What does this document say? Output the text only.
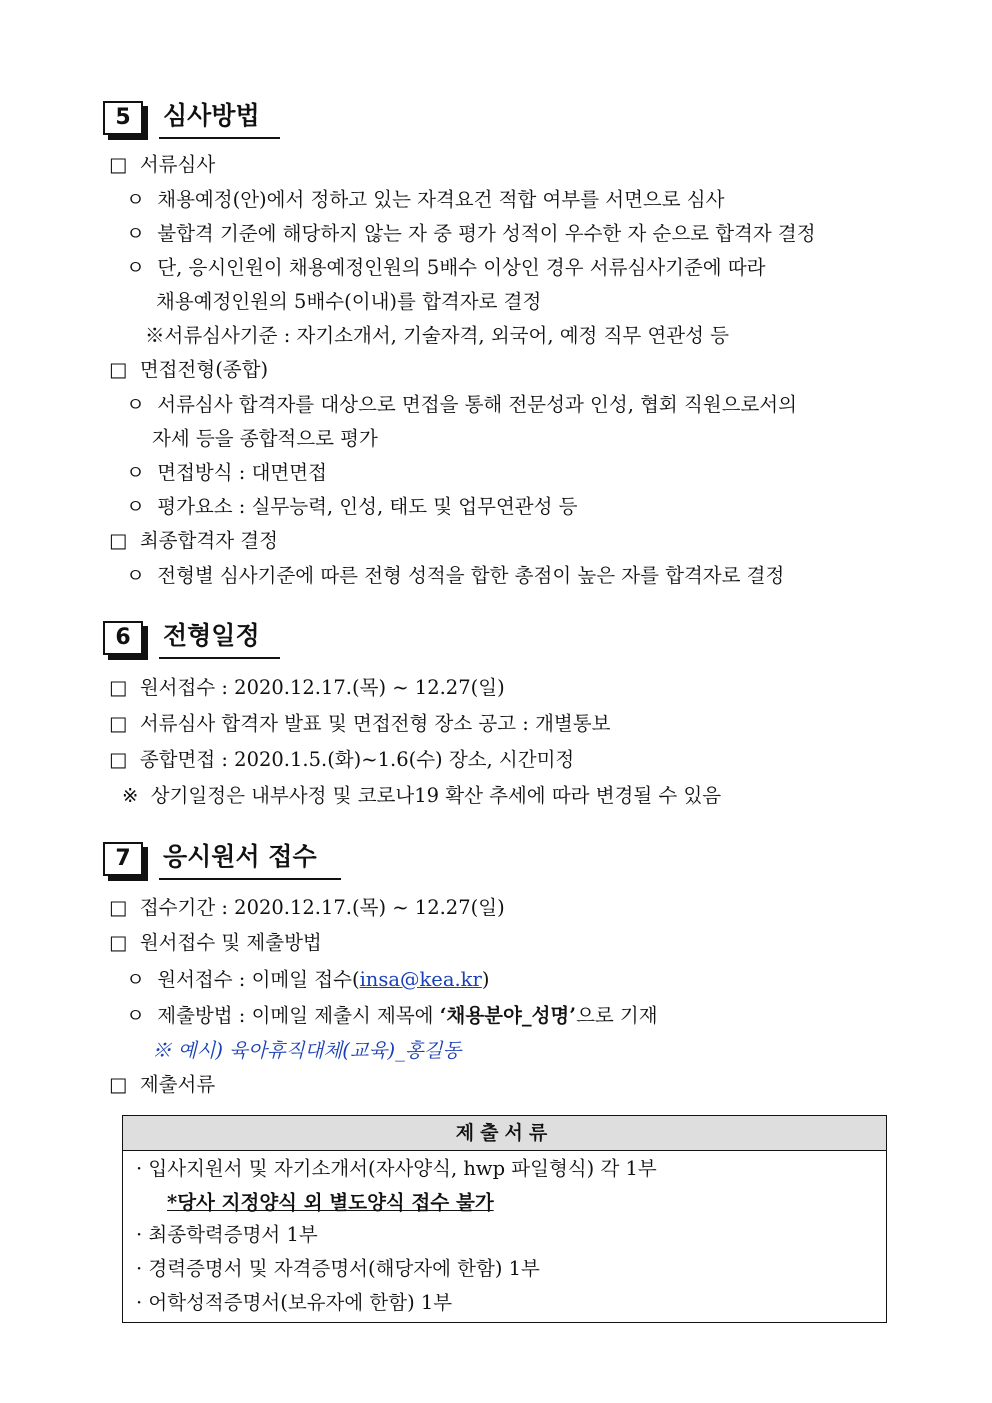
5	심사방법
□ 서류심사
ㅇ 채용예정(안)에서 정하고 있는 자격요건 적합 여부를 서면으로 심사
ㅇ 불합격 기준에 해당하지 않는 자 중 평가 성적이 우수한 자 순으로 합격자 결정
ㅇ 단, 응시인원이 채용예정인원의 5배수 이상인 경우 서류심사기준에 따라
채용예정인원의 5배수(이내)를 합격자로 결정
※서류심사기준 : 자기소개서, 기술자격, 외국어, 예정 직무 연관성 등
□ 면접전형(종합)
ㅇ 서류심사 합격자를 대상으로 면접을 통해 전문성과 인성, 협회 직원으로서의
자세 등을 종합적으로 평가
ㅇ 면접방식 : 대면면접
ㅇ 평가요소 : 실무능력, 인성, 태도 및 업무연관성 등
□ 최종합격자 결정
ㅇ 전형별 심사기준에 따른 전형 성적을 합한 총점이 높은 자를 합격자로 결정
6	전형일정
□ 원서접수 : 2020.12.17.(목) ~ 12.27(일)
□ 서류심사 합격자 발표 및 면접전형 장소 공고 : 개별통보
□ 종합면접 : 2020.1.5.(화)~1.6(수) 장소, 시간미정
※ 상기일정은 내부사정 및 코로나19 확산 추세에 따라 변경될 수 있음
7	응시원서 접수
□ 접수기간 : 2020.12.17.(목) ~ 12.27(일)
□ 원서접수 및 제출방법
ㅇ 원서접수 : 이메일 접수(insa@kea.kr)
ㅇ 제출방법 : 이메일 제출시 제목에 ‘채용분야_성명’으로 기재
※ 예시) 육아휴직대체(교육)_홍길동
□ 제출서류
제출서류
· 입사지원서 및 자기소개서(자사양식, hwp 파일형식) 각 1부
*당사 지정양식 외 별도양식 접수 불가
· 최종학력증명서 1부
· 경력증명서 및 자격증명서(해당자에 한함) 1부
· 어학성적증명서(보유자에 한함) 1부
